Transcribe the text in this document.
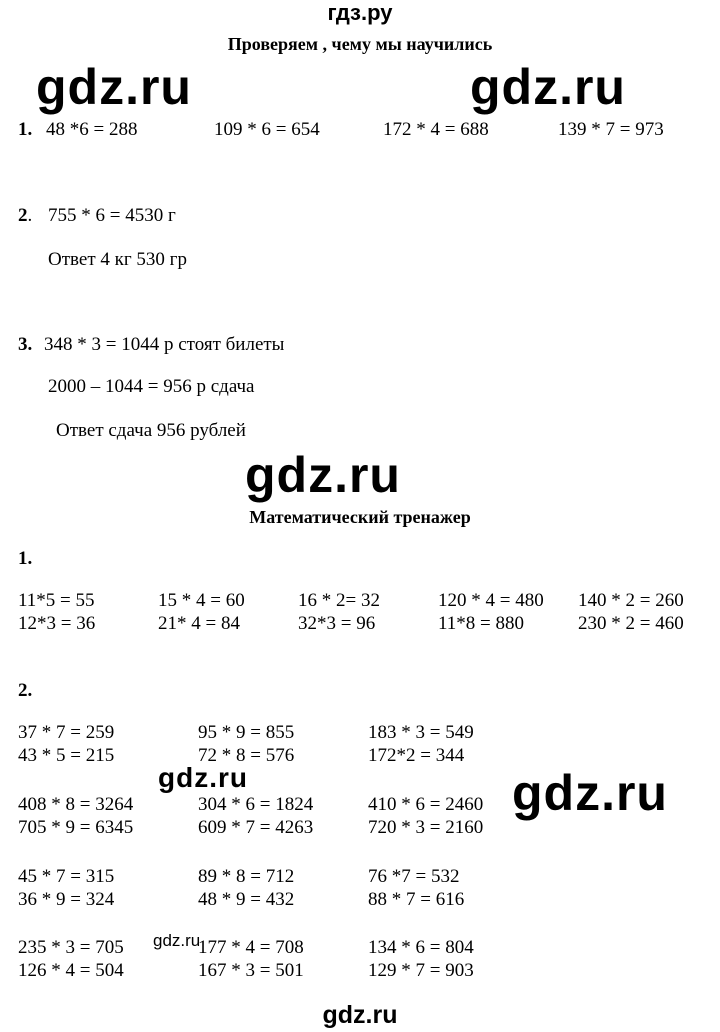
гдз.ру
Проверяем , чему мы научились
gdz.ru	gdz.ru
gdz.ru
gdz.ru	gdz.ru
gdz.ru
gdz.ru
1. 48 *6 = 288	109 * 6 = 654	172 * 4 = 688	139 * 7 = 973
2. 755 * 6 = 4530 г
Ответ 4 кг 530 гр
3. 348 * 3 = 1044 р стоят билеты
2000 – 1044 = 956 р сдача
Ответ сдача 956 рублей
Математический тренажер
1.
11*5 = 55	15 * 4 = 60	16 * 2= 32	120 * 4 = 480 140 * 2 = 260
12*3 = 36	21* 4 = 84	32*3 = 96	11*8 = 880	230 * 2 = 460
2.
37 * 7 = 259	95 * 9 = 855	183 * 3 = 549
43 * 5 = 215	72 * 8 = 576	172*2 = 344
408 * 8 = 3264	304 * 6 = 1824	410 * 6 = 2460
705 * 9 = 6345	609 * 7 = 4263	720 * 3 = 2160
45 * 7 = 315	89 * 8 = 712	76 *7 = 532
36 * 9 = 324	48 * 9 = 432	88 * 7 = 616
235 * 3 = 705	177 * 4 = 708	134 * 6 = 804
126 * 4 = 504	167 * 3 = 501	129 * 7 = 903
